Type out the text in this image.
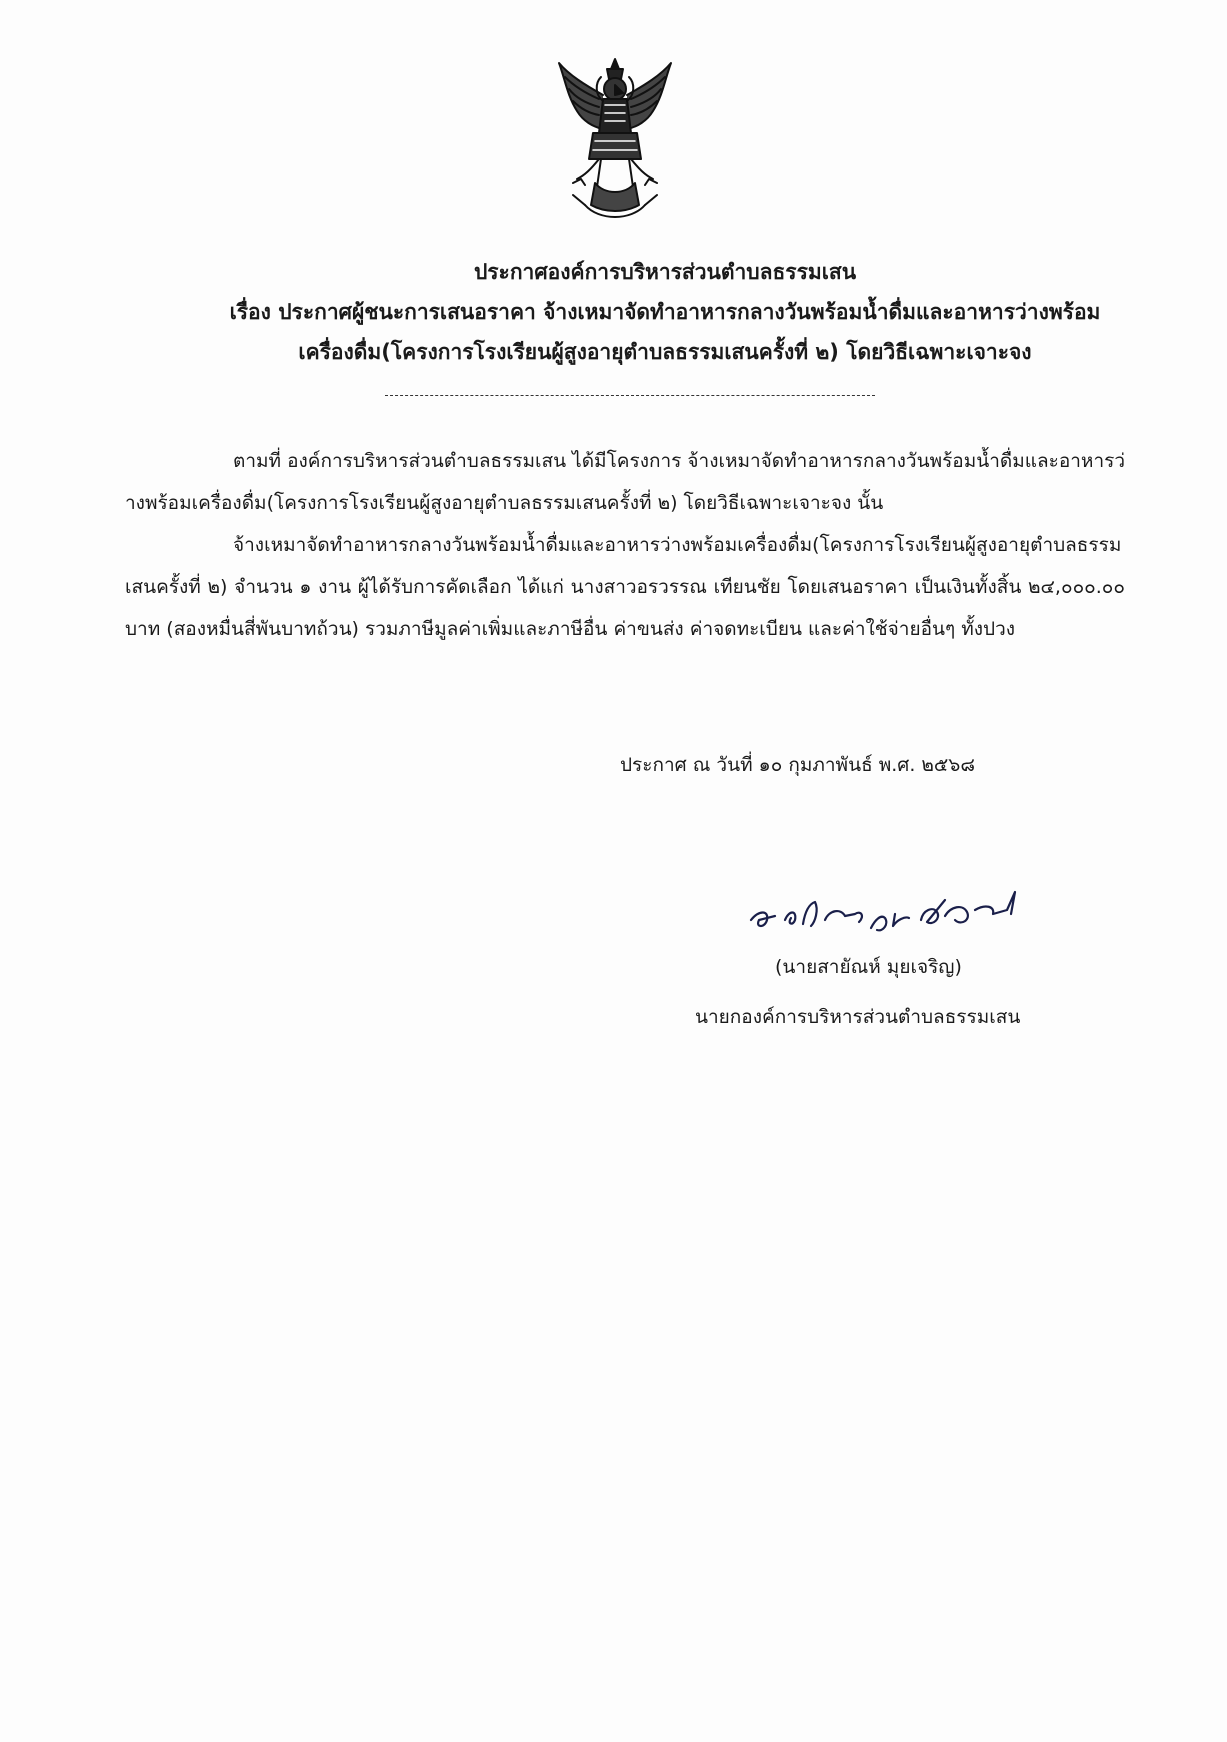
ประกาศองค์การบริหารส่วนตำบลธรรมเสน
เรื่อง ประกาศผู้ชนะการเสนอราคา จ้างเหมาจัดทำอาหารกลางวันพร้อมน้ำดื่มและอาหารว่างพร้อม
เครื่องดื่ม(โครงการโรงเรียนผู้สูงอายุตำบลธรรมเสนครั้งที่ ๒) โดยวิธีเฉพาะเจาะจง

ตามที่ องค์การบริหารส่วนตำบลธรรมเสน ได้มีโครงการ จ้างเหมาจัดทำอาหารกลางวันพร้อมน้ำดื่มและอาหารว่างพร้อมเครื่องดื่ม(โครงการโรงเรียนผู้สูงอายุตำบลธรรมเสนครั้งที่ ๒) โดยวิธีเฉพาะเจาะจง นั้น

จ้างเหมาจัดทำอาหารกลางวันพร้อมน้ำดื่มและอาหารว่างพร้อมเครื่องดื่ม(โครงการโรงเรียนผู้สูงอายุตำบลธรรมเสนครั้งที่ ๒) จำนวน ๑ งาน ผู้ได้รับการคัดเลือก ได้แก่ นางสาวอรวรรณ เทียนชัย โดยเสนอราคา เป็นเงินทั้งสิ้น ๒๔,๐๐๐.๐๐ บาท (สองหมื่นสี่พันบาทถ้วน) รวมภาษีมูลค่าเพิ่มและภาษีอื่น ค่าขนส่ง ค่าจดทะเบียน และค่าใช้จ่ายอื่นๆ ทั้งปวง

ประกาศ ณ วันที่ ๑๐ กุมภาพันธ์ พ.ศ. ๒๕๖๘
(นายสายัณห์ มุยเจริญ)
นายกองค์การบริหารส่วนตำบลธรรมเสน
